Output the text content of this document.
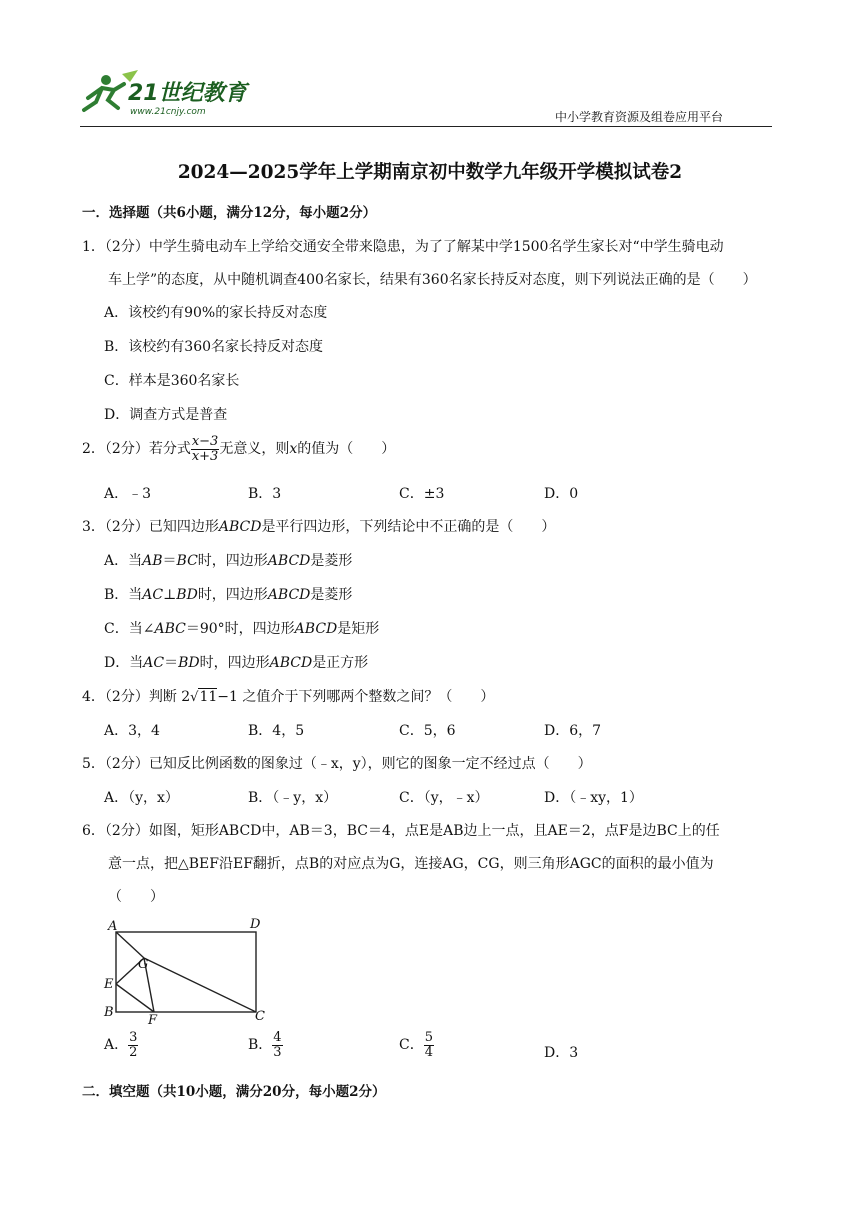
21世纪教育
www.21cnjy.com	中小学教育资源及组卷应用平台
2024—2025学年上学期南京初中数学九年级开学模拟试卷2
一．选择题（共6小题，满分12分，每小题2分）
1．（2分）中学生骑电动车上学给交通安全带来隐患，为了了解某中学1500名学生家长对“中学生骑电动
车上学”的态度，从中随机调查400名家长，结果有360名家长持反对态度，则下列说法正确的是（　　）
A．该校约有90%的家长持反对态度
B．该校约有360名家长持反对态度
C．样本是360名家长
D．调查方式是普查
2．（2分）若分式 $\frac{x-3}{x+3}$ 无意义，则x的值为（　　）
A．﹣3	B．3	C．±3	D．0
3．（2分）已知四边形ABCD是平行四边形，下列结论中不正确的是（　　）
A．当AB＝BC时，四边形ABCD是菱形
B．当AC⊥BD时，四边形ABCD是菱形
C．当∠ABC＝90°时，四边形ABCD是矩形
D．当AC＝BD时，四边形ABCD是正方形
4．（2分）判断 2√11−1 之值介于下列哪两个整数之间？（　　）
A．3，4	B．4，5	C．5，6	D．6，7
5．（2分）已知反比例函数的图象过（﹣x，y），则它的图象一定不经过点（　　）
A．（y，x）	B．（﹣y，x）	C．（y，﹣x）	D．（﹣xy，1）
6．（2分）如图，矩形ABCD中，AB＝3，BC＝4，点E是AB边上一点，且AE＝2，点F是边BC上的任
意一点，把△BEF沿EF翻折，点B的对应点为G，连接AG，CG，则三角形AGC的面积的最小值为
（　　）
A	D
G
E
B
F	C
A． $\frac{3}{2}$	B． $\frac{4}{3}$	C． $\frac{5}{4}$	D．3
二．填空题（共10小题，满分20分，每小题2分）
